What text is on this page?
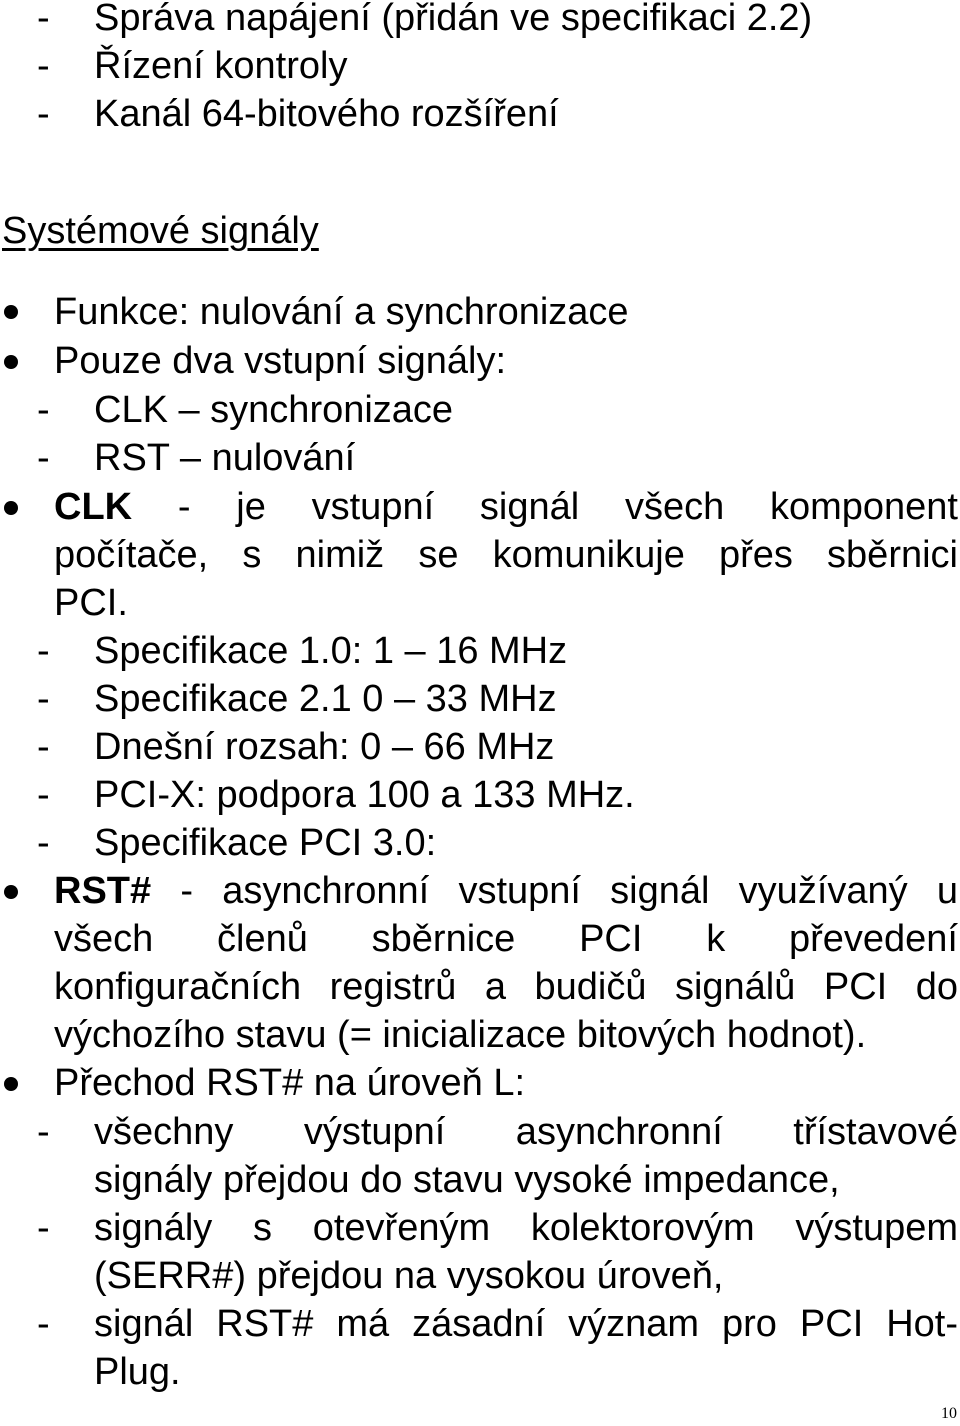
- Správa napájení (přidán ve specifikaci 2.2)
- Řízení kontroly
- Kanál 64-bitového rozšíření
Systémové signály
Funkce: nulování a synchronizace
Pouze dva vstupní signály:
- CLK – synchronizace
- RST – nulování
CLK - je vstupní signál všech komponent
počítače, s nimiž se komunikuje přes sběrnici
PCI.
- Specifikace 1.0: 1 – 16 MHz
- Specifikace 2.1 0 – 33 MHz
- Dnešní rozsah: 0 – 66 MHz
- PCI-X: podpora 100 a 133 MHz.
- Specifikace PCI 3.0:
RST# - asynchronní vstupní signál využívaný u
všech členů sběrnice PCI k převedení
konfiguračních registrů a budičů signálů PCI do
výchozího stavu (= inicializace bitových hodnot).
Přechod RST# na úroveň L:
- všechny výstupní asynchronní třístavové
signály přejdou do stavu vysoké impedance,
- signály s otevřeným kolektorovým výstupem
(SERR#) přejdou na vysokou úroveň,
- signál RST# má zásadní význam pro PCI Hot-
Plug.
10
